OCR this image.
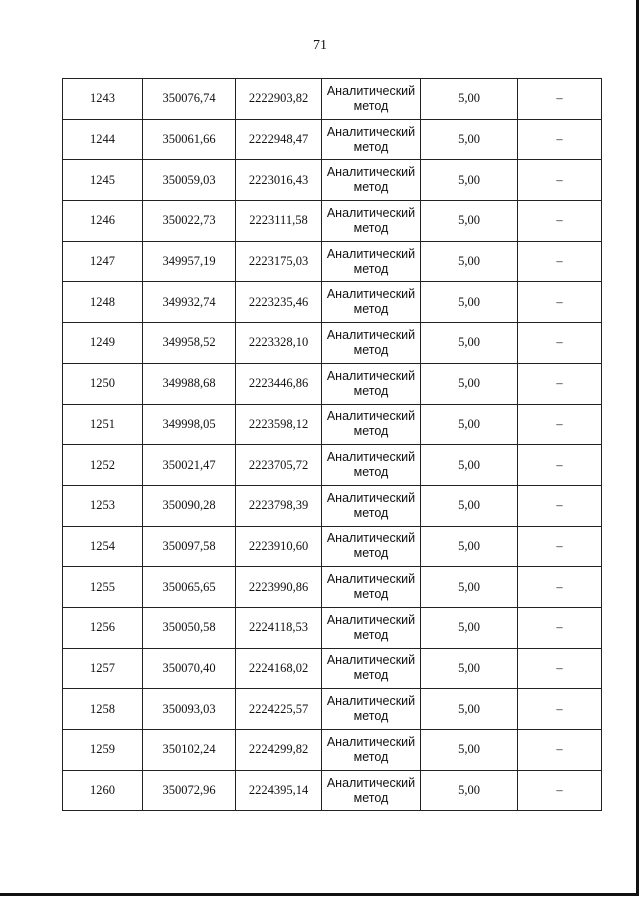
71
1243	350076,74	2222903,82	Аналитический метод	5,00	–
1244	350061,66	2222948,47	Аналитический метод	5,00	–
1245	350059,03	2223016,43	Аналитический метод	5,00	–
1246	350022,73	2223111,58	Аналитический метод	5,00	–
1247	349957,19	2223175,03	Аналитический метод	5,00	–
1248	349932,74	2223235,46	Аналитический метод	5,00	–
1249	349958,52	2223328,10	Аналитический метод	5,00	–
1250	349988,68	2223446,86	Аналитический метод	5,00	–
1251	349998,05	2223598,12	Аналитический метод	5,00	–
1252	350021,47	2223705,72	Аналитический метод	5,00	–
1253	350090,28	2223798,39	Аналитический метод	5,00	–
1254	350097,58	2223910,60	Аналитический метод	5,00	–
1255	350065,65	2223990,86	Аналитический метод	5,00	–
1256	350050,58	2224118,53	Аналитический метод	5,00	–
1257	350070,40	2224168,02	Аналитический метод	5,00	–
1258	350093,03	2224225,57	Аналитический метод	5,00	–
1259	350102,24	2224299,82	Аналитический метод	5,00	–
1260	350072,96	2224395,14	Аналитический метод	5,00	–
